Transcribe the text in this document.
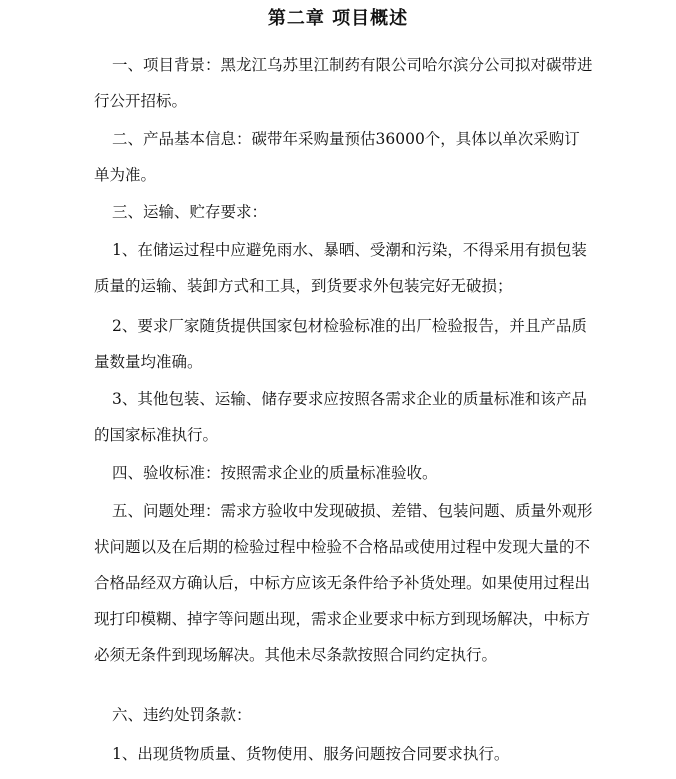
第二章 项目概述

一、项目背景：黑龙江乌苏里江制药有限公司哈尔滨分公司拟对碳带进行公开招标。

二、产品基本信息：碳带年采购量预估36000个，具体以单次采购订单为准。

三、运输、贮存要求：

1、在储运过程中应避免雨水、暴晒、受潮和污染，不得采用有损包装质量的运输、装卸方式和工具，到货要求外包装完好无破损；

2、要求厂家随货提供国家包材检验标准的出厂检验报告，并且产品质量数量均准确。

3、其他包装、运输、储存要求应按照各需求企业的质量标准和该产品的国家标准执行。

四、验收标准：按照需求企业的质量标准验收。

五、问题处理：需求方验收中发现破损、差错、包装问题、质量外观形状问题以及在后期的检验过程中检验不合格品或使用过程中发现大量的不合格品经双方确认后，中标方应该无条件给予补货处理。如果使用过程出现打印模糊、掉字等问题出现，需求企业要求中标方到现场解决，中标方必须无条件到现场解决。其他未尽条款按照合同约定执行。

六、违约处罚条款：

1、出现货物质量、货物使用、服务问题按合同要求执行。
